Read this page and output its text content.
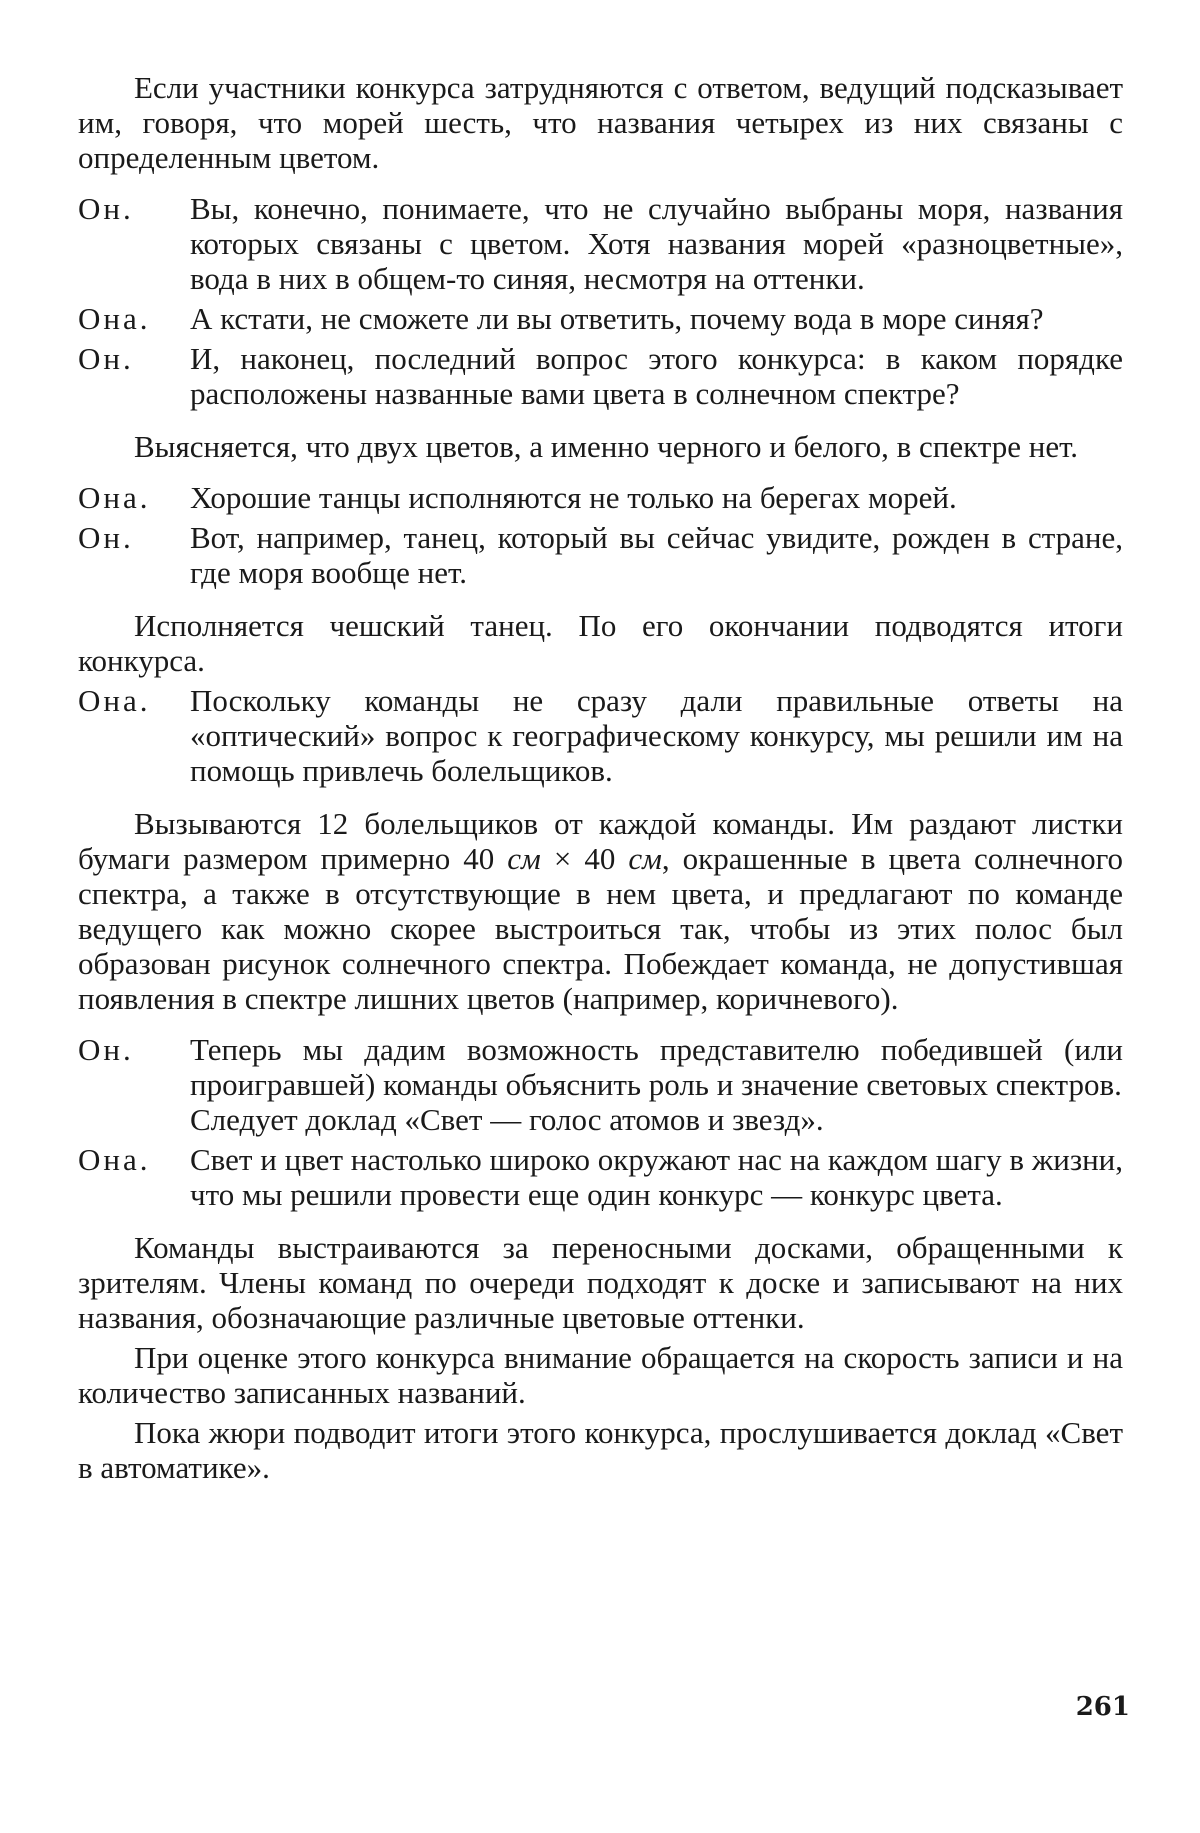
Если участники конкурса затрудняются с ответом, ведущий подсказывает им, говоря, что морей шесть, что названия четырех из них связаны с определенным цветом.

Он. Вы, конечно, понимаете, что не случайно выбраны моря, названия которых связаны с цветом. Хотя названия морей «разноцветные», вода в них в общем-то синяя, несмотря на оттенки.
Она. А кстати, не сможете ли вы ответить, почему вода в море синяя?
Он. И, наконец, последний вопрос этого конкурса: в каком порядке расположены названные вами цвета в солнечном спектре?

Выясняется, что двух цветов, а именно черного и белого, в спектре нет.

Она. Хорошие танцы исполняются не только на берегах морей.
Он. Вот, например, танец, который вы сейчас увидите, рожден в стране, где моря вообще нет.

Исполняется чешский танец. По его окончании подводятся итоги конкурса.

Она. Поскольку команды не сразу дали правильные ответы на «оптический» вопрос к географическому конкурсу, мы решили им на помощь привлечь болельщиков.

Вызываются 12 болельщиков от каждой команды. Им раздают листки бумаги размером примерно 40 см × 40 см, окрашенные в цвета солнечного спектра, а также в отсутствующие в нем цвета, и предлагают по команде ведущего как можно скорее выстроиться так, чтобы из этих полос был образован рисунок солнечного спектра. Побеждает команда, не допустившая появления в спектре лишних цветов (например, коричневого).

Он. Теперь мы дадим возможность представителю победившей (или проигравшей) команды объяснить роль и значение световых спектров.
Следует доклад «Свет — голос атомов и звезд».
Она. Свет и цвет настолько широко окружают нас на каждом шагу в жизни, что мы решили провести еще один конкурс — конкурс цвета.

Команды выстраиваются за переносными досками, обращенными к зрителям. Члены команд по очереди подходят к доске и записывают на них названия, обозначающие различные цветовые оттенки.

При оценке этого конкурса внимание обращается на скорость записи и на количество записанных названий.

Пока жюри подводит итоги этого конкурса, прослушивается доклад «Свет в автоматике».

261
